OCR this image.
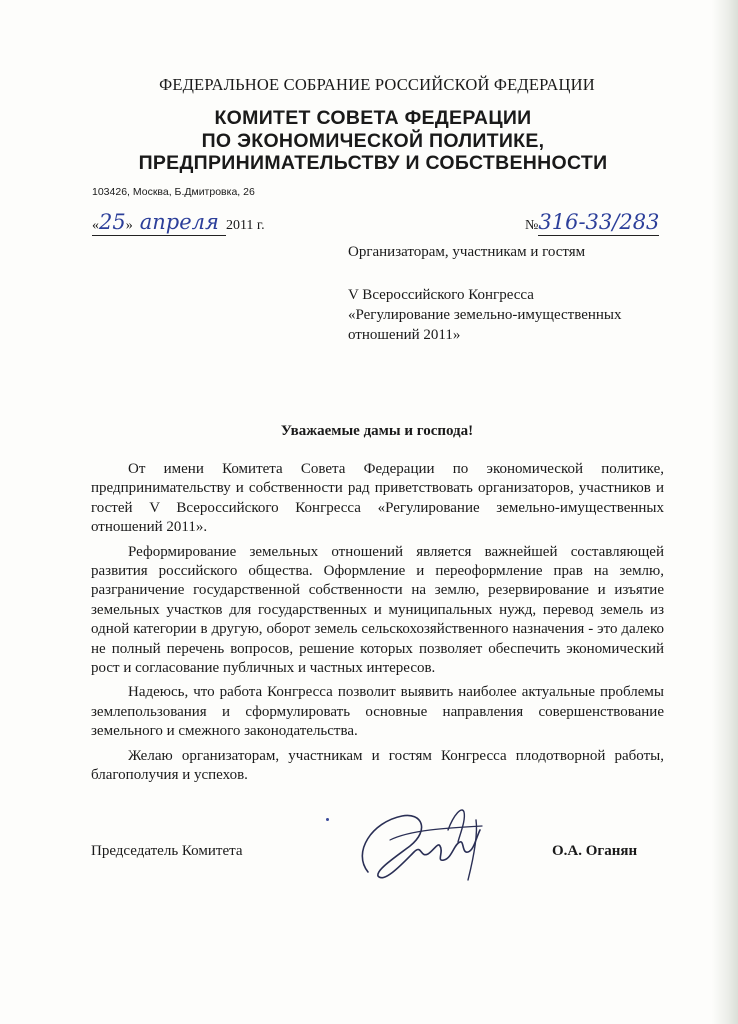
ФЕДЕРАЛЬНОЕ СОБРАНИЕ РОССИЙСКОЙ ФЕДЕРАЦИИ
КОМИТЕТ СОВЕТА ФЕДЕРАЦИИ
ПО ЭКОНОМИЧЕСКОЙ ПОЛИТИКЕ,
ПРЕДПРИНИМАТЕЛЬСТВУ И СОБСТВЕННОСТИ
103426, Москва, Б.Дмитровка, 26
«25» апреля 2011 г.	№316-33/283
Организаторам, участникам и гостям
V Всероссийского Конгресса
«Регулирование земельно-имущественных
отношений 2011»
Уважаемые дамы и господа!

От имени Комитета Совета Федерации по экономической политике, предпринимательству и собственности рад приветствовать организаторов, участников и гостей V Всероссийского Конгресса «Регулирование земельно-имущественных отношений 2011».

Реформирование земельных отношений является важнейшей составляющей развития российского общества. Оформление и переоформление прав на землю, разграничение государственной собственности на землю, резервирование и изъятие земельных участков для государственных и муниципальных нужд, перевод земель из одной категории в другую, оборот земель сельскохозяйственного назначения - это далеко не полный перечень вопросов, решение которых позволяет обеспечить экономический рост и согласование публичных и частных интересов.

Надеюсь, что работа Конгресса позволит выявить наиболее актуальные проблемы землепользования и сформулировать основные направления совершенствование земельного и смежного законодательства.

Желаю организаторам, участникам и гостям Конгресса плодотворной работы, благополучия и успехов.

Председатель Комитета	О.А. Оганян
